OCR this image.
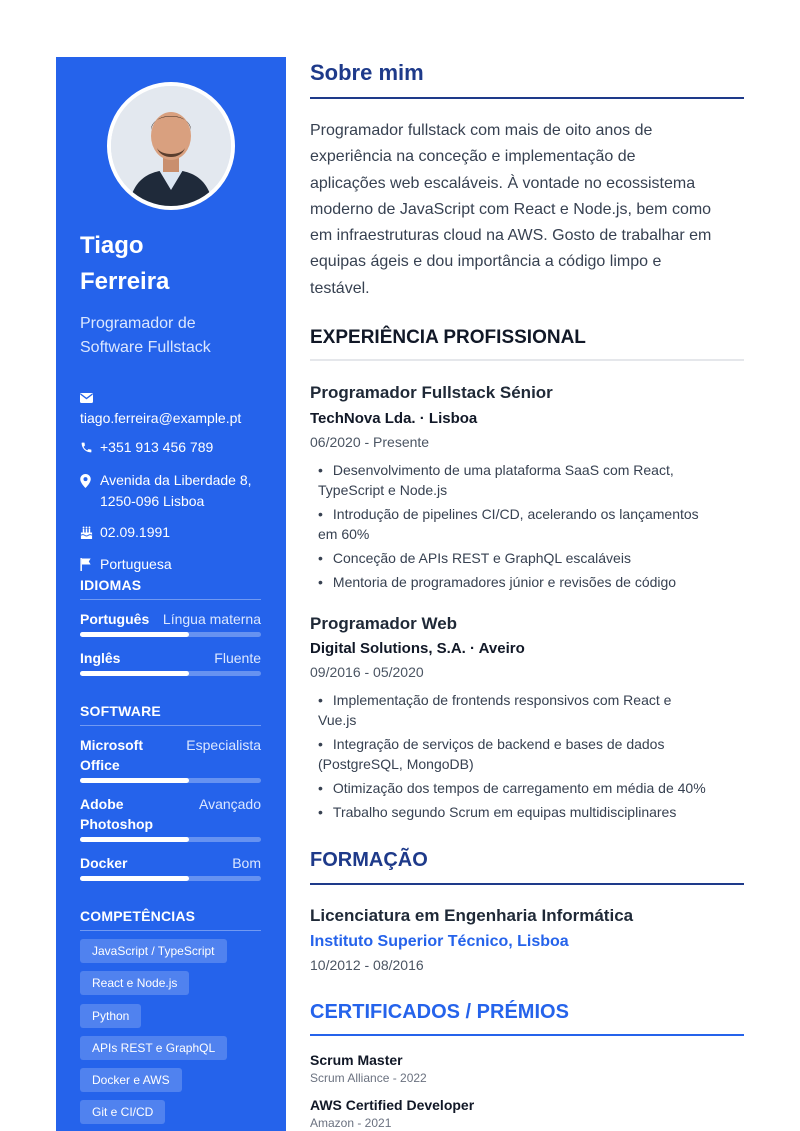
Tiago
Ferreira
Programador de
Software Fullstack
tiago.ferreira@example.pt
+351 913 456 789
Avenida da Liberdade 8,
1250-096 Lisboa
02.09.1991
Portuguesa
IDIOMAS
Português Língua materna
Inglês	Fluente
SOFTWARE
Microsoft
Office
Especialista
Adobe
Photoshop
Avançado
Docker	Bom
COMPETÊNCIAS
JavaScript / TypeScript
React e Node.js
Python
APIs REST e GraphQL
Docker e AWS
Git e CI/CD
Sobre mim
Programador fullstack com mais de oito anos de
experiência na conceção e implementação de
aplicações web escaláveis. À vontade no ecossistema
moderno de JavaScript com React e Node.js, bem como
em infraestruturas cloud na AWS. Gosto de trabalhar em
equipas ágeis e dou importância a código limpo e
testável.
EXPERIÊNCIA PROFISSIONAL
Programador Fullstack Sénior
TechNova Lda. · Lisboa
06/2020 - Presente
• Desenvolvimento de uma plataforma SaaS com React,
TypeScript e Node.js
• Introdução de pipelines CI/CD, acelerando os lançamentos
em 60%
• Conceção de APIs REST e GraphQL escaláveis
• Mentoria de programadores júnior e revisões de código
Programador Web
Digital Solutions, S.A. · Aveiro
09/2016 - 05/2020
• Implementação de frontends responsivos com React e
Vue.js
• Integração de serviços de backend e bases de dados
(PostgreSQL, MongoDB)
• Otimização dos tempos de carregamento em média de 40%
• Trabalho segundo Scrum em equipas multidisciplinares
FORMAÇÃO
Licenciatura em Engenharia Informática
Instituto Superior Técnico, Lisboa
10/2012 - 08/2016
CERTIFICADOS / PRÉMIOS
Scrum Master
Scrum Alliance - 2022
AWS Certified Developer
Amazon - 2021
